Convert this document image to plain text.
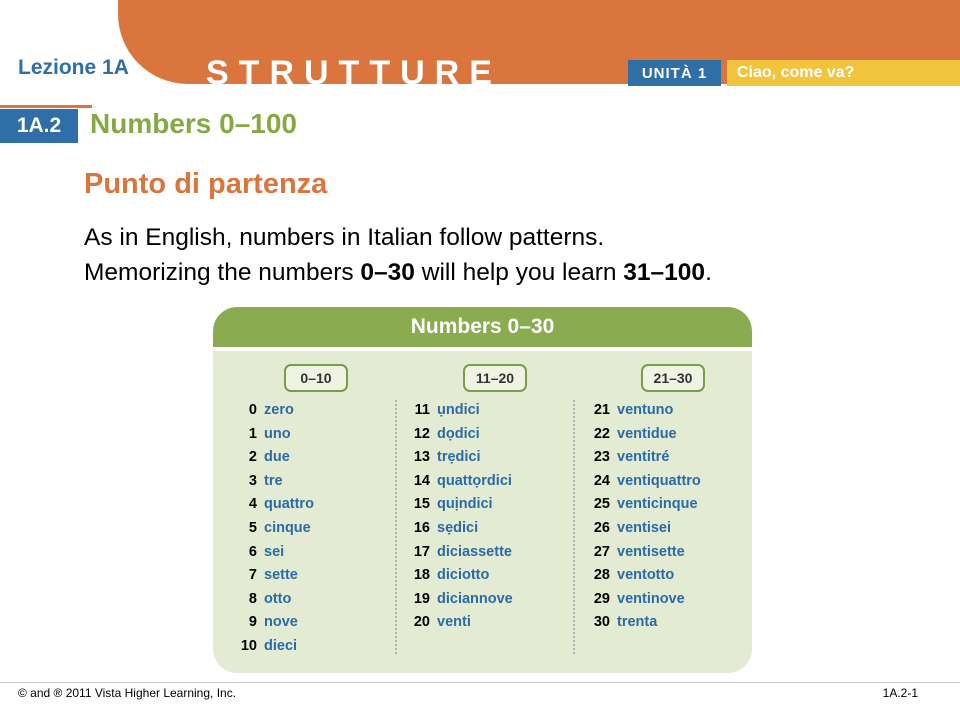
Lezione 1A STRUTTURE	UNITÀ 1	Ciao, come va?
1A.2	Numbers 0–100
Punto di partenza

As in English, numbers in Italian follow patterns.
Memorizing the numbers 0–30 will help you learn 31–100.

Numbers 0–30
0–10	11–20	21–30
0 zero
1 uno
2 due
3 tre
4 quattro
5 cinque
6 sei
7 sette
8 otto
9 nove
10 dieci
11 ụndici
12 dọdici
13 trẹdici
14 quattọrdici
15 quịndici
16 sẹdici
17 diciassette
18 diciotto
19 diciannove
20 venti
21 ventuno
22 ventidue
23 ventitré
24 ventiquattro
25 venticinque
26 ventisei
27 ventisette
28 ventotto
29 ventinove
30 trenta
© and ® 2011 Vista Higher Learning, Inc.	1A.2-1
